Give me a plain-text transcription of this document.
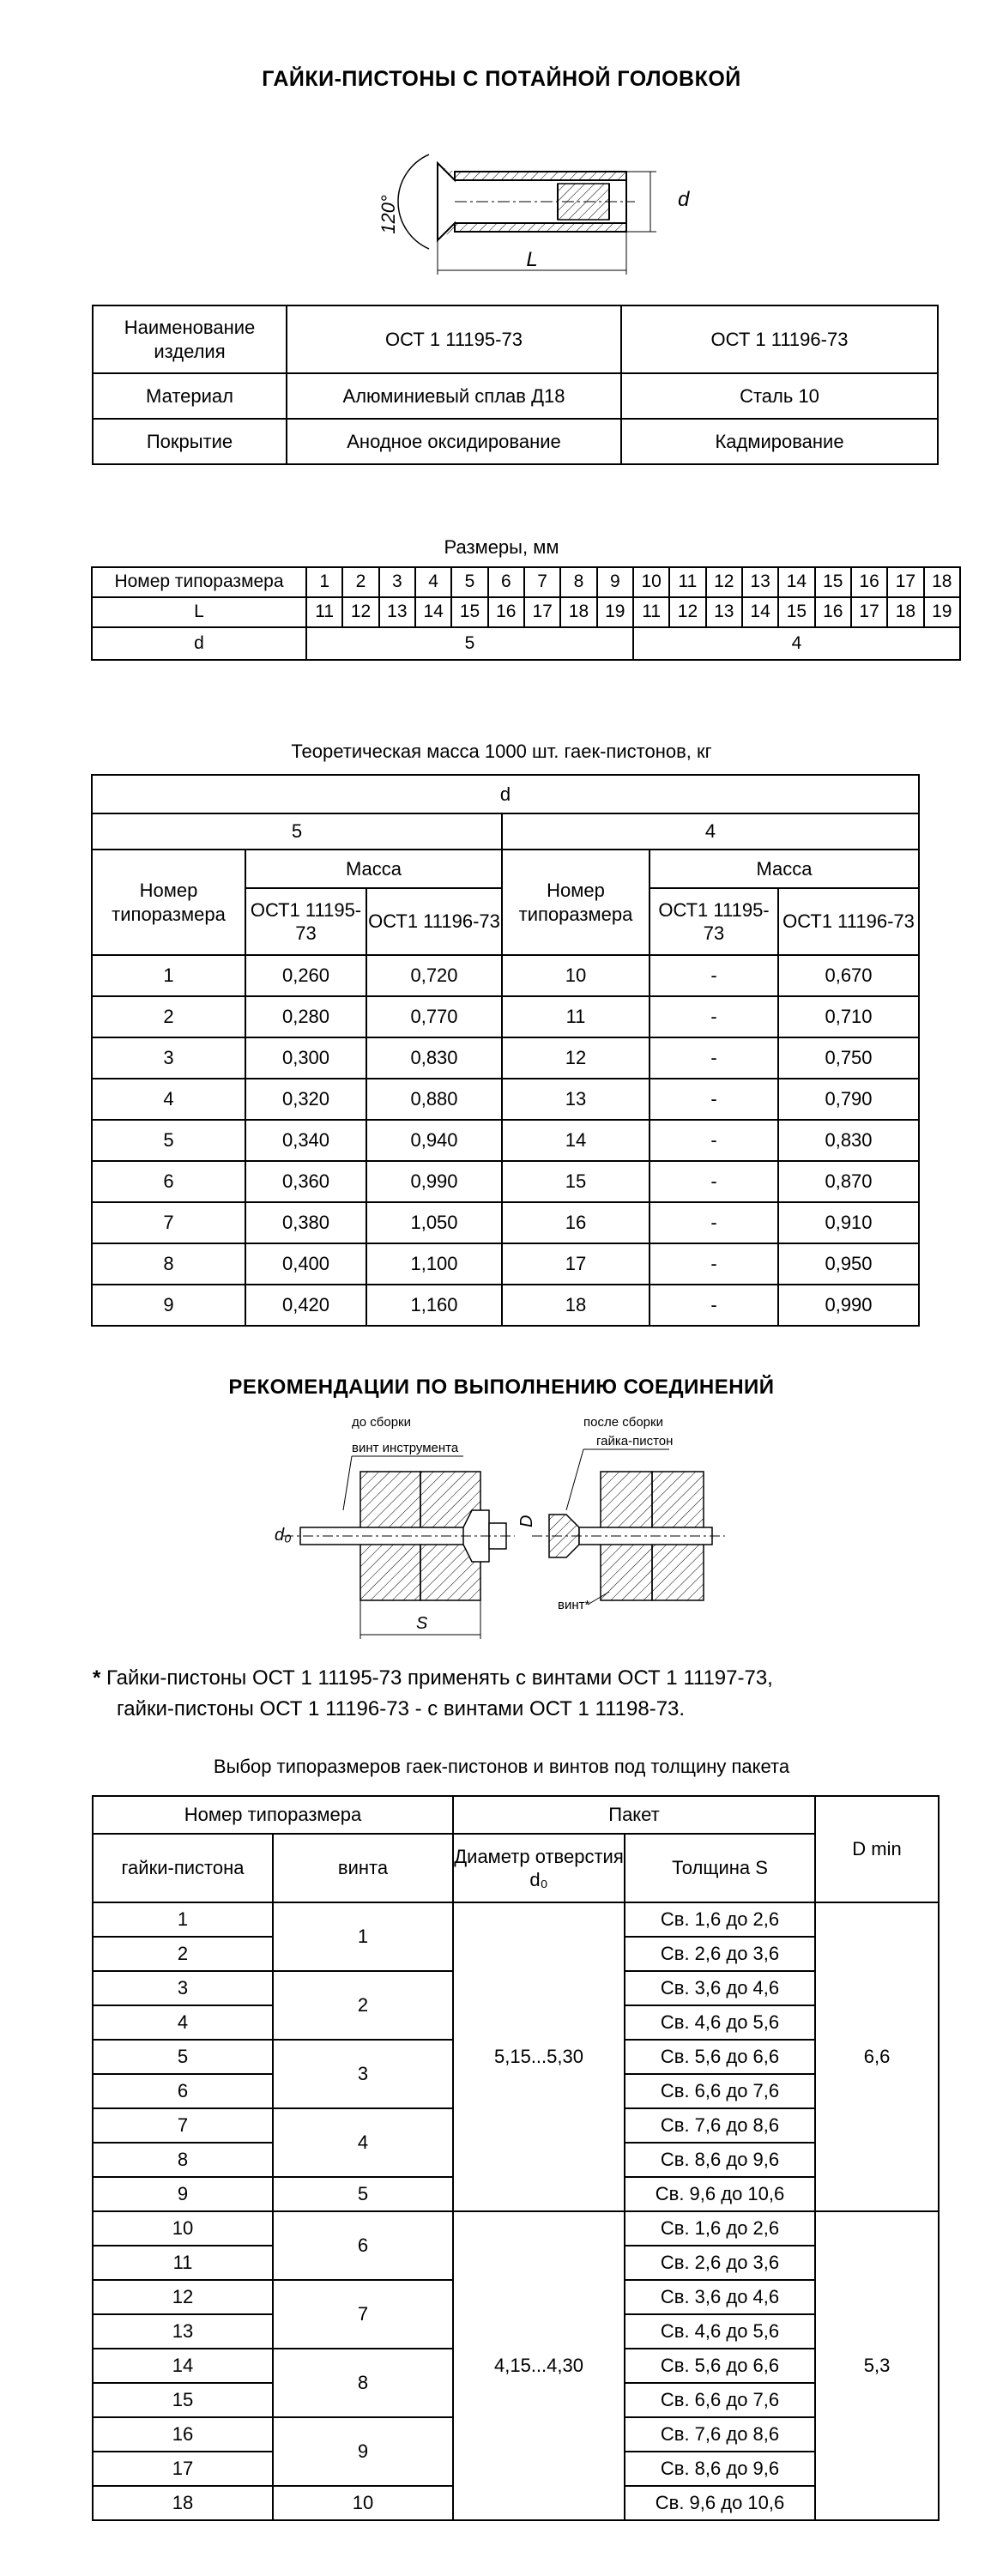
ГАЙКИ-ПИСТОНЫ С ПОТАЙНОЙ ГОЛОВКОЙ
120°	d
L
Наименование изделия	ОСТ 1 11195-73	ОСТ 1 11196-73
Материал	Алюминиевый сплав Д18	Сталь 10
Покрытие	Анодное оксидирование	Кадмирование
Размеры, мм
Номер типоразмера	1	2	3	4	5	6	7	8	9	10	11	12	13	14	15	16	17	18
L	11	12	13	14	15	16	17	18	19	11	12	13	14	15	16	17	18	19
d	5									4								
Теоретическая масса 1000 шт. гаек-пистонов, кг
d					
5			4		
Номер типоразмера	Масса		Номер типоразмера	Масса	
	ОСТ1 11195-73	ОСТ1 11196-73		ОСТ1 11195-73	ОСТ1 11196-73
1	0,260	0,720	10	-	0,670
2	0,280	0,770	11	-	0,710
3	0,300	0,830	12	-	0,750
4	0,320	0,880	13	-	0,790
5	0,340	0,940	14	-	0,830
6	0,360	0,990	15	-	0,870
7	0,380	1,050	16	-	0,910
8	0,400	1,100	17	-	0,950
9	0,420	1,160	18	-	0,990
РЕКОМЕНДАЦИИ ПО ВЫПОЛНЕНИЮ СОЕДИНЕНИЙ
до сборки
винт инструмента
d₀
S
после сборки
гайка-пистон
винт*
D
* Гайки-пистоны ОСТ 1 11195-73 применять с винтами ОСТ 1 11197-73,
гайки-пистоны ОСТ 1 11196-73 - с винтами ОСТ 1 11198-73.
Выбор типоразмеров гаек-пистонов и винтов под толщину пакета
Номер типоразмера		Пакет		D min
гайки-пистона	винта	Диаметр отверстия d₀	Толщина S	
1	1	5,15...5,30	Св. 1,6 до 2,6	6,6
2			Св. 2,6 до 3,6	
3	2		Св. 3,6 до 4,6	
4			Св. 4,6 до 5,6	
5	3		Св. 5,6 до 6,6	
6			Св. 6,6 до 7,6	
7	4		Св. 7,6 до 8,6	
8			Св. 8,6 до 9,6	
9	5		Св. 9,6 до 10,6	
10	6	4,15...4,30	Св. 1,6 до 2,6	5,3
11			Св. 2,6 до 3,6	
12	7		Св. 3,6 до 4,6	
13			Св. 4,6 до 5,6	
14	8		Св. 5,6 до 6,6	
15			Св. 6,6 до 7,6	
16	9		Св. 7,6 до 8,6	
17			Св. 8,6 до 9,6	
18	10		Св. 9,6 до 10,6	
